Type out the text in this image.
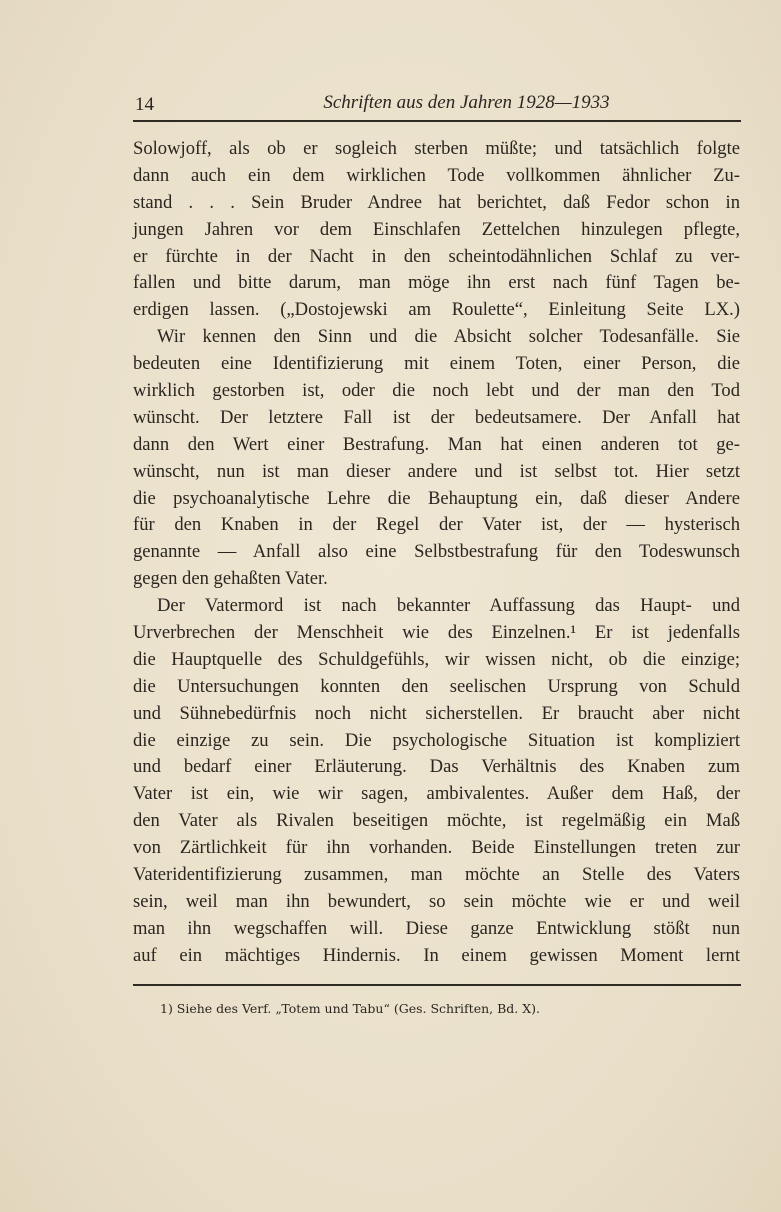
14	Schriften aus den Jahren 1928—1933
Solowjoff, als ob er sogleich sterben müßte; und tatsächlich folgte
dann auch ein dem wirklichen Tode vollkommen ähnlicher Zu-
stand . . . Sein Bruder Andree hat berichtet, daß Fedor schon in
jungen Jahren vor dem Einschlafen Zettelchen hinzulegen pflegte,
er fürchte in der Nacht in den scheintodähnlichen Schlaf zu ver-
fallen und bitte darum, man möge ihn erst nach fünf Tagen be-
erdigen lassen. („Dostojewski am Roulette“, Einleitung Seite LX.)
Wir kennen den Sinn und die Absicht solcher Todesanfälle. Sie
bedeuten eine Identifizierung mit einem Toten, einer Person, die
wirklich gestorben ist, oder die noch lebt und der man den Tod
wünscht. Der letztere Fall ist der bedeutsamere. Der Anfall hat
dann den Wert einer Bestrafung. Man hat einen anderen tot ge-
wünscht, nun ist man dieser andere und ist selbst tot. Hier setzt
die psychoanalytische Lehre die Behauptung ein, daß dieser Andere
für den Knaben in der Regel der Vater ist, der — hysterisch
genannte — Anfall also eine Selbstbestrafung für den Todeswunsch
gegen den gehaßten Vater.
Der Vatermord ist nach bekannter Auffassung das Haupt- und
Urverbrechen der Menschheit wie des Einzelnen.¹ Er ist jedenfalls
die Hauptquelle des Schuldgefühls, wir wissen nicht, ob die einzige;
die Untersuchungen konnten den seelischen Ursprung von Schuld
und Sühnebedürfnis noch nicht sicherstellen. Er braucht aber nicht
die einzige zu sein. Die psychologische Situation ist kompliziert
und bedarf einer Erläuterung. Das Verhältnis des Knaben zum
Vater ist ein, wie wir sagen, ambivalentes. Außer dem Haß, der
den Vater als Rivalen beseitigen möchte, ist regelmäßig ein Maß
von Zärtlichkeit für ihn vorhanden. Beide Einstellungen treten zur
Vateridentifizierung zusammen, man möchte an Stelle des Vaters
sein, weil man ihn bewundert, so sein möchte wie er und weil
man ihn wegschaffen will. Diese ganze Entwicklung stößt nun
auf ein mächtiges Hindernis. In einem gewissen Moment lernt
1) Siehe des Verf. „Totem und Tabu“ (Ges. Schriften, Bd. X).
